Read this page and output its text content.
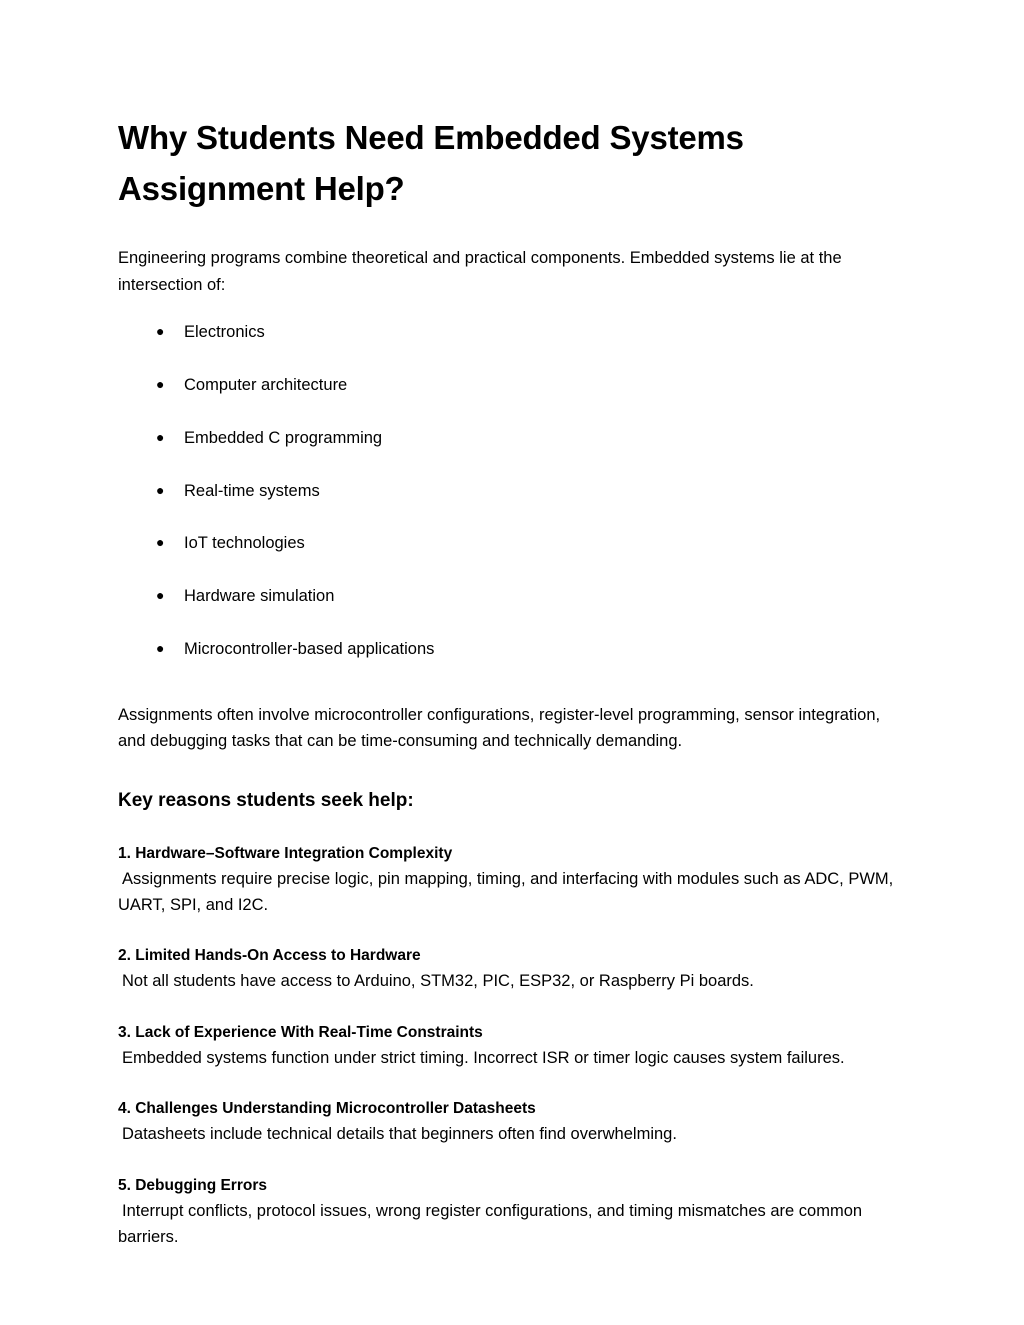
Why Students Need Embedded Systems Assignment Help?

Engineering programs combine theoretical and practical components. Embedded systems lie at the intersection of:

● Electronics
● Computer architecture
● Embedded C programming
● Real-time systems
● IoT technologies
● Hardware simulation
● Microcontroller-based applications

Assignments often involve microcontroller configurations, register-level programming, sensor integration, and debugging tasks that can be time-consuming and technically demanding.

Key reasons students seek help:

1. Hardware–Software Integration Complexity

Assignments require precise logic, pin mapping, timing, and interfacing with modules such as ADC, PWM, UART, SPI, and I2C.

2. Limited Hands-On Access to Hardware

Not all students have access to Arduino, STM32, PIC, ESP32, or Raspberry Pi boards.

3. Lack of Experience With Real-Time Constraints

Embedded systems function under strict timing. Incorrect ISR or timer logic causes system failures.

4. Challenges Understanding Microcontroller Datasheets

Datasheets include technical details that beginners often find overwhelming.

5. Debugging Errors

Interrupt conflicts, protocol issues, wrong register configurations, and timing mismatches are common barriers.
